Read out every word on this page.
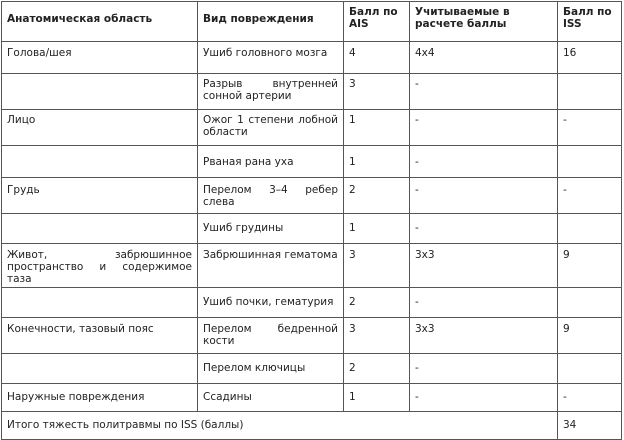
Анатомическая область	Вид повреждения	Балл по AIS	Учитываемые в расчете баллы	Балл по ISS
Голова/шея	Ушиб головного мозга	4	4х4	16
	Разрыв внутренней сонной артерии	3	-	
Лицо	Ожог 1 степени лобной области	1	-	-
	Рваная рана уха	1	-	
Грудь	Перелом 3–4 ребер слева	2	-	-
	Ушиб грудины	1	-	
Живот, забрюшинное пространство и содержимое таза	Забрюшинная гематома	3	3х3	9
	Ушиб почки, гематурия	2	-	
Конечности, тазовый пояс	Перелом бедренной кости	3	3х3	9
	Перелом ключицы	2	-	
Наружные повреждения	Ссадины	1	-	-
Итого тяжесть политравмы по ISS (баллы)				34
